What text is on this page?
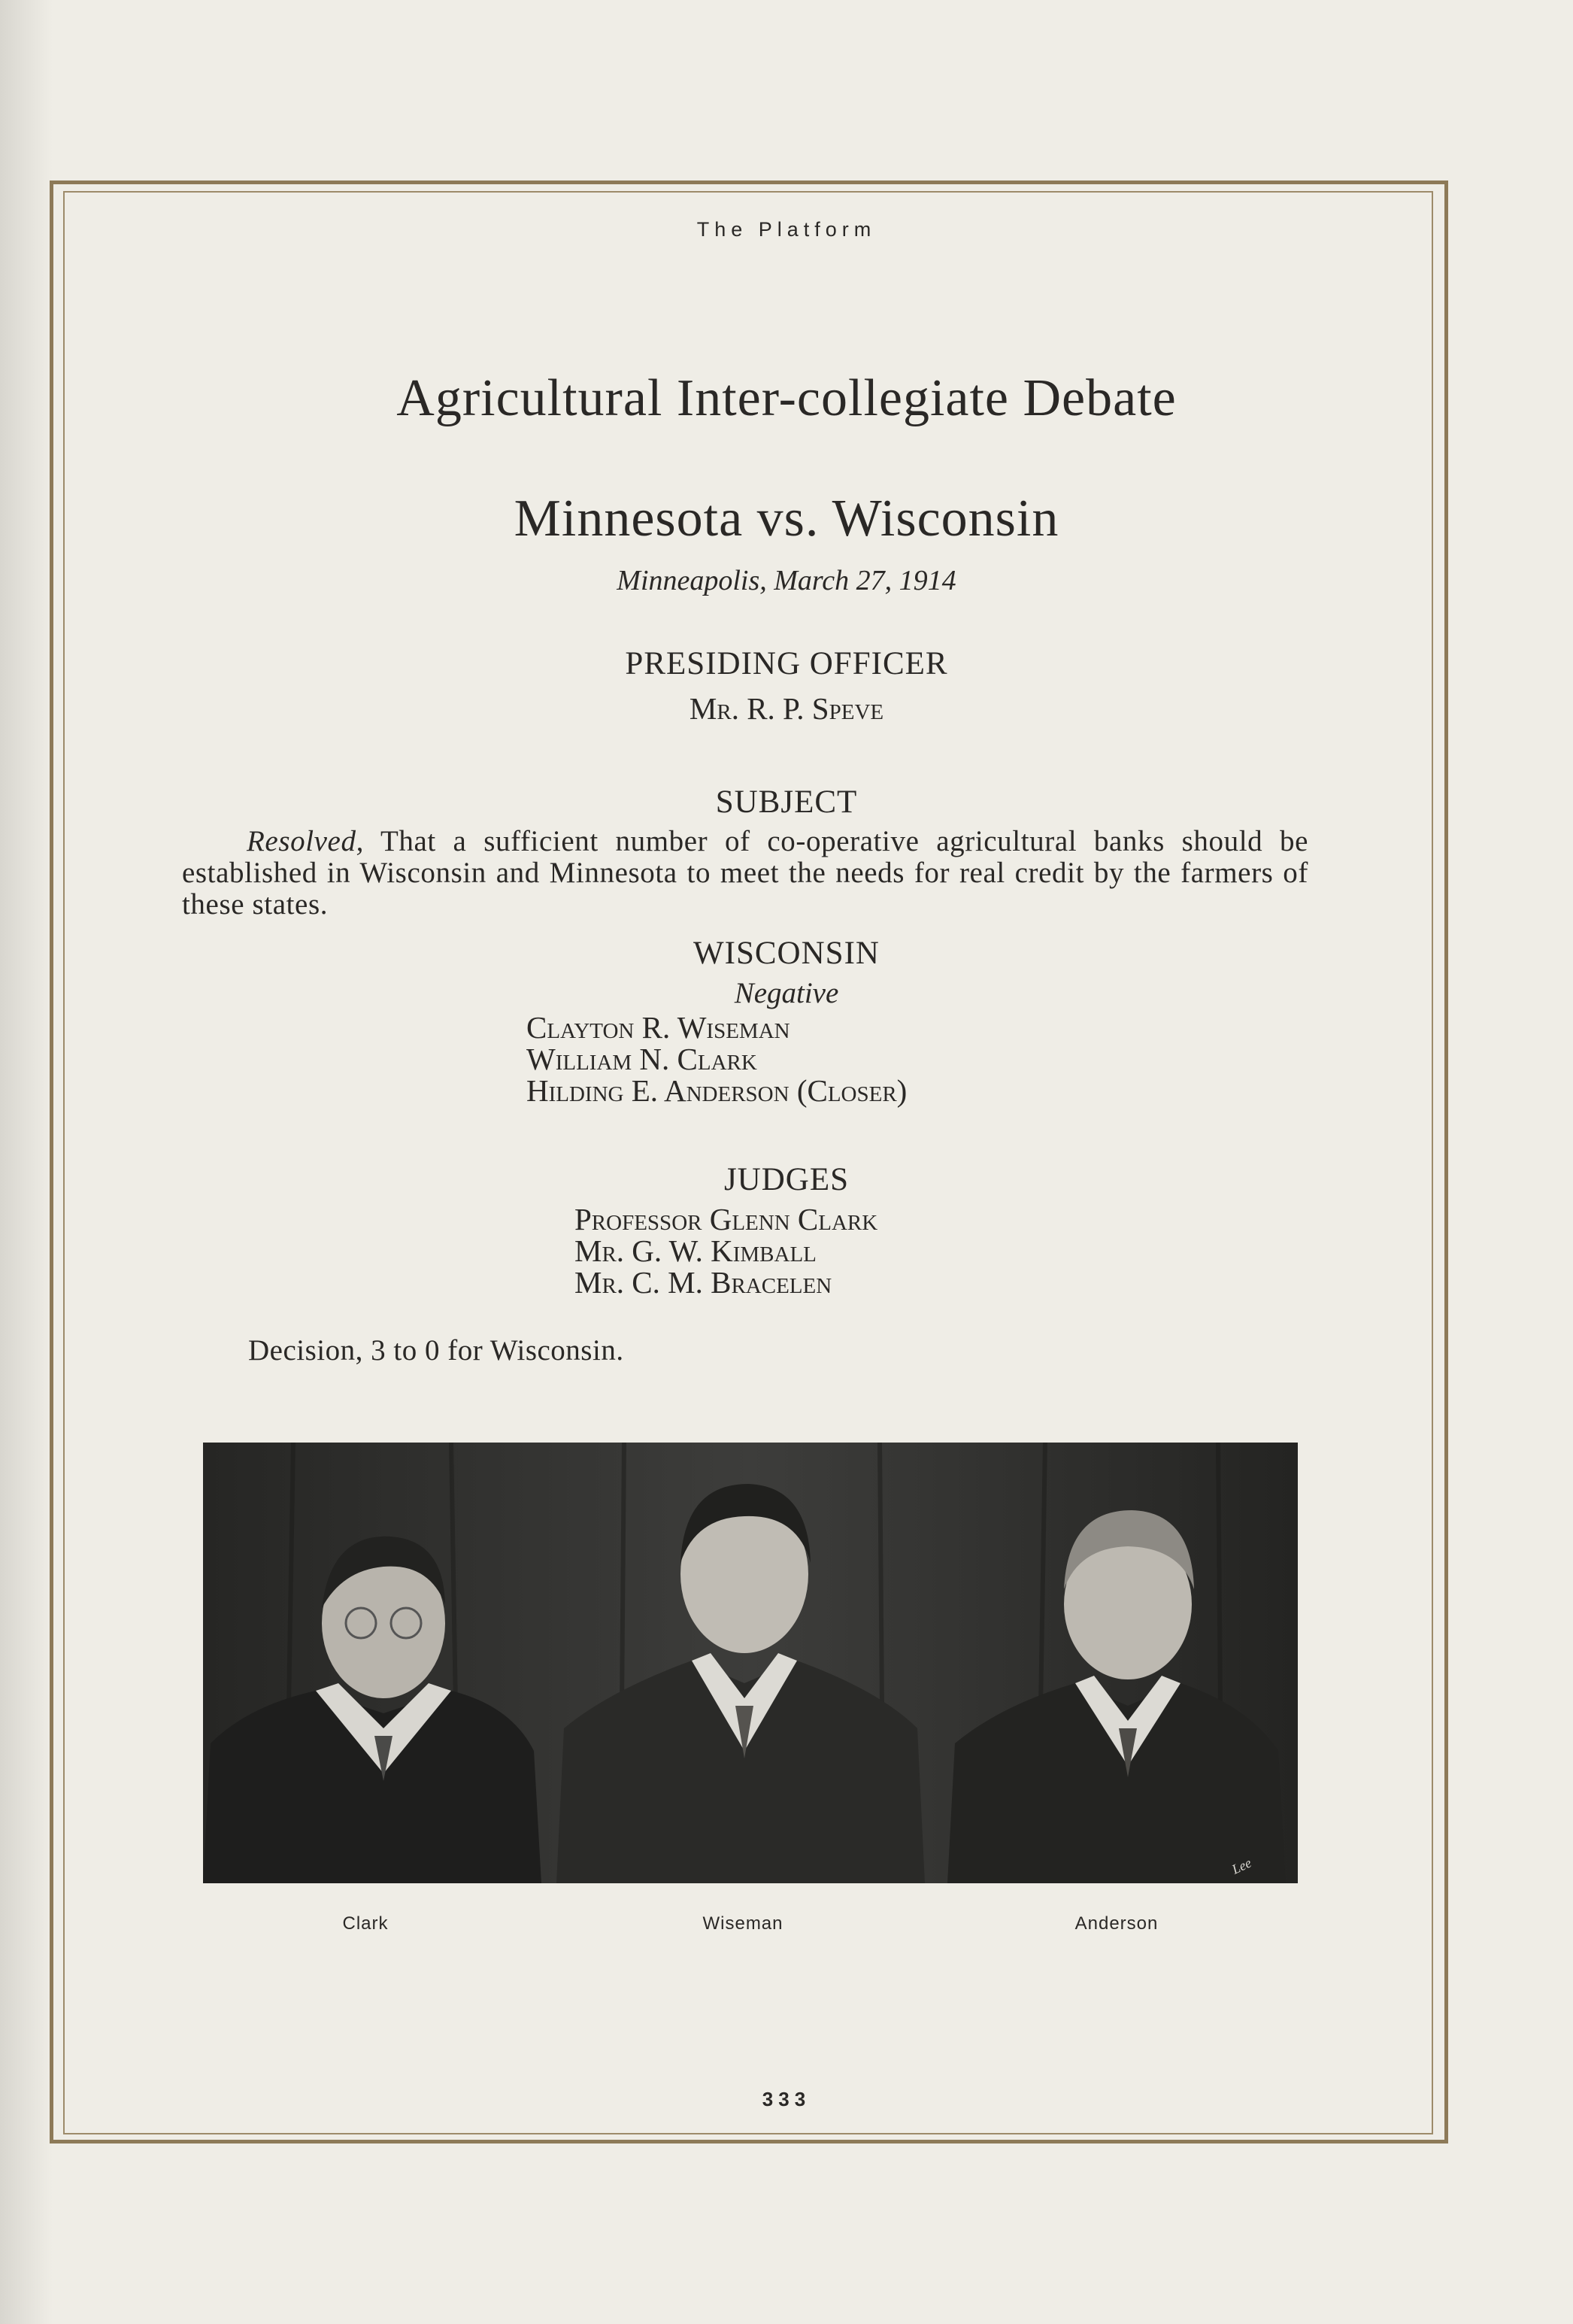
The Platform
Agricultural Inter-collegiate Debate
Minnesota vs. Wisconsin
Minneapolis, March 27, 1914
PRESIDING OFFICER
Mr. R. P. Speve
SUBJECT
Resolved, That a sufficient number of co-operative agricultural banks should be established in Wisconsin and Minnesota to meet the needs for real credit by the farmers of these states.
WISCONSIN
Negative
Clayton R. Wiseman
William N. Clark
Hilding E. Anderson (Closer)
JUDGES
Professor Glenn Clark
Mr. G. W. Kimball
Mr. C. M. Bracelen
Decision, 3 to 0 for Wisconsin.
Lee
Clark	Wiseman	Anderson
333
